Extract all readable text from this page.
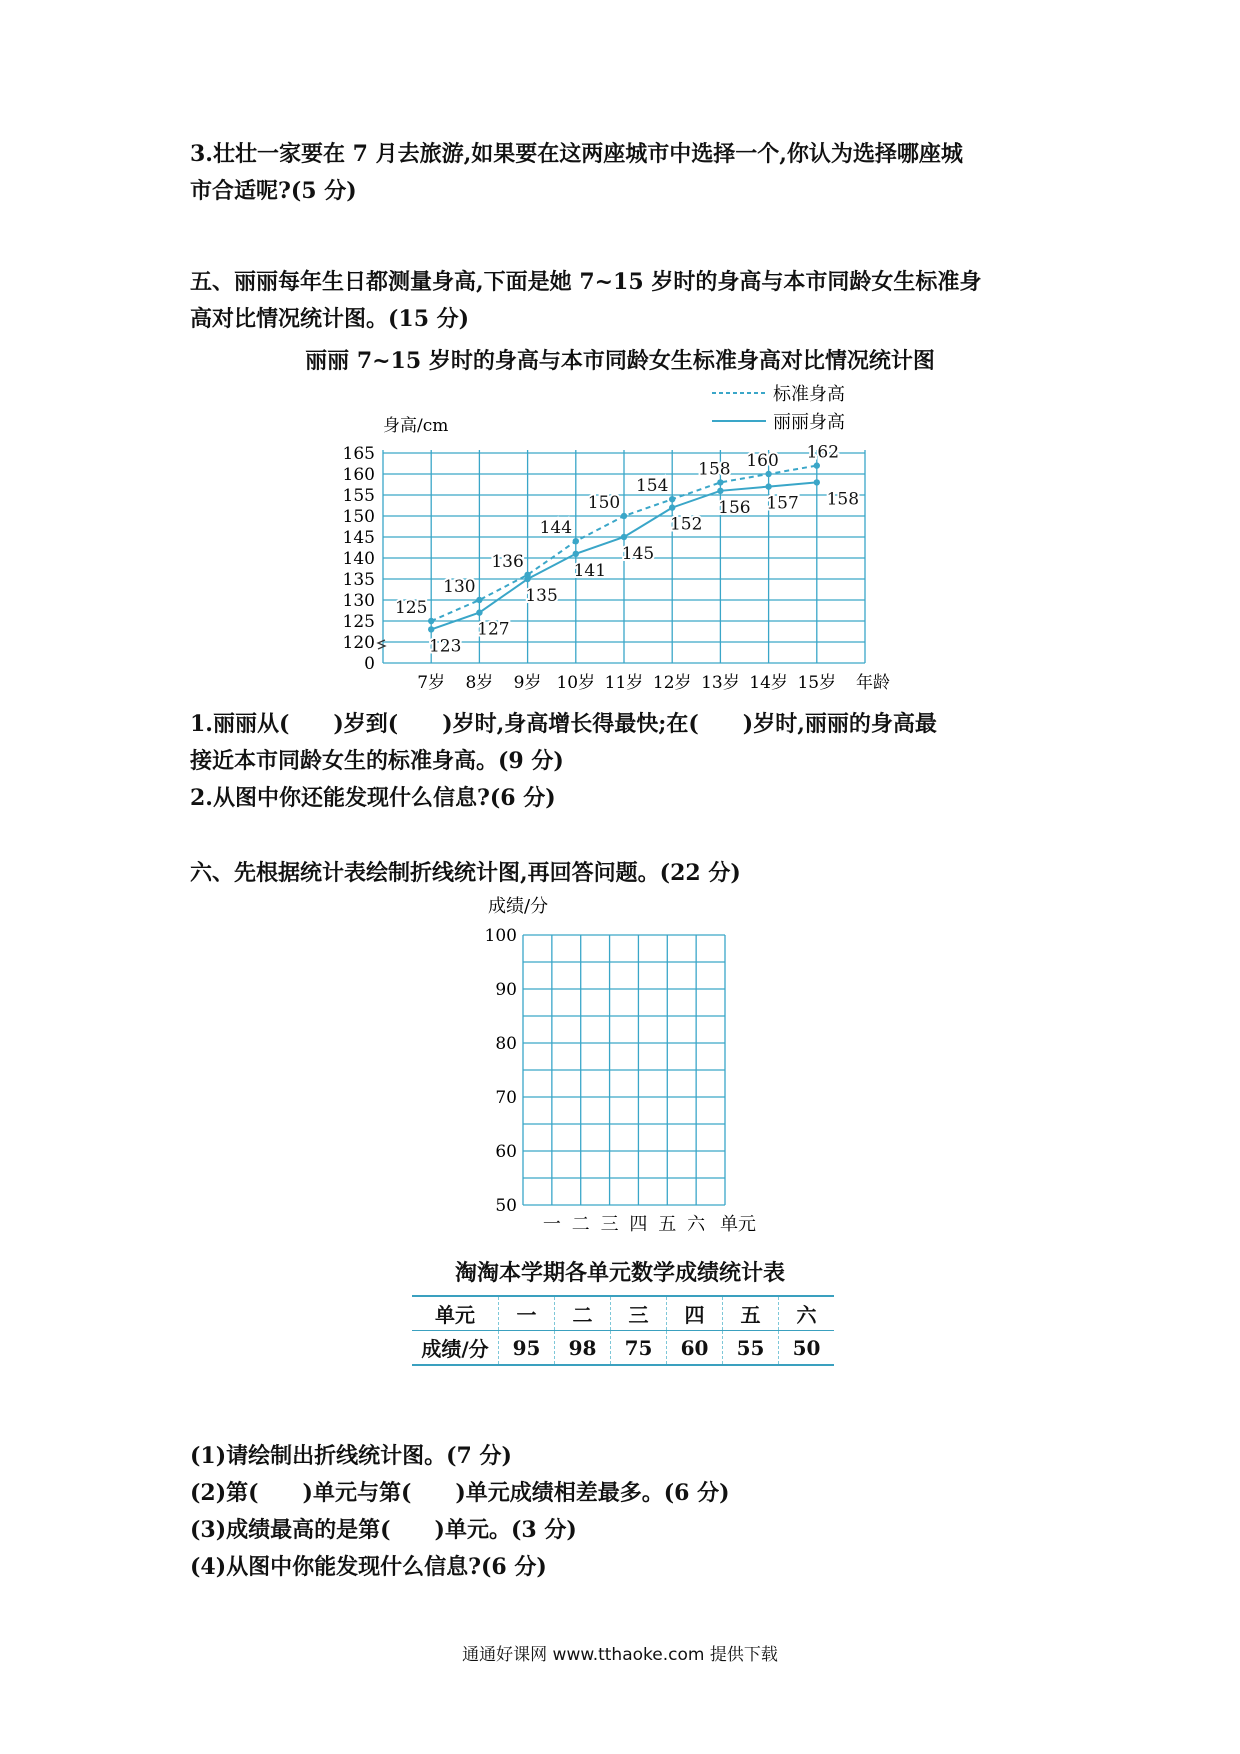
3.壮壮一家要在 7 月去旅游,如果要在这两座城市中选择一个,你认为选择哪座城
市合适呢?(5 分)

五、丽丽每年生日都测量身高,下面是她 7~15 岁时的身高与本市同龄女生标准身
高对比情况统计图。(15 分)

丽丽 7~15 岁时的身高与本市同龄女生标准身高对比情况统计图

0
120
125
130
135
140
145
150
155
160
165
7岁 8岁 9岁 10岁 11岁 12岁 13岁 14岁 15岁
身高/cm
年龄
标准身高
丽丽身高
125
130
136
144
150
154
158 160 162
123
127
135
141
145
152
156 157 158

1.丽丽从(　　)岁到(　　)岁时,身高增长得最快;在(　　)岁时,丽丽的身高最
接近本市同龄女生的标准身高。(9 分)

2.从图中你还能发现什么信息?(6 分)

六、先根据统计表绘制折线统计图,再回答问题。(22 分)

50
60
70
80
90
100
一 二 三 四 五 六
成绩/分
单元

淘淘本学期各单元数学成绩统计表

单元	一	二	三	四	五	六
成绩/分	95	98	75	60	55	50

(1)请绘制出折线统计图。(7 分)

(2)第(　　)单元与第(　　)单元成绩相差最多。(6 分)

(3)成绩最高的是第(　　)单元。(3 分)

(4)从图中你能发现什么信息?(6 分)

通通好课网 www.tthaoke.com 提供下载
